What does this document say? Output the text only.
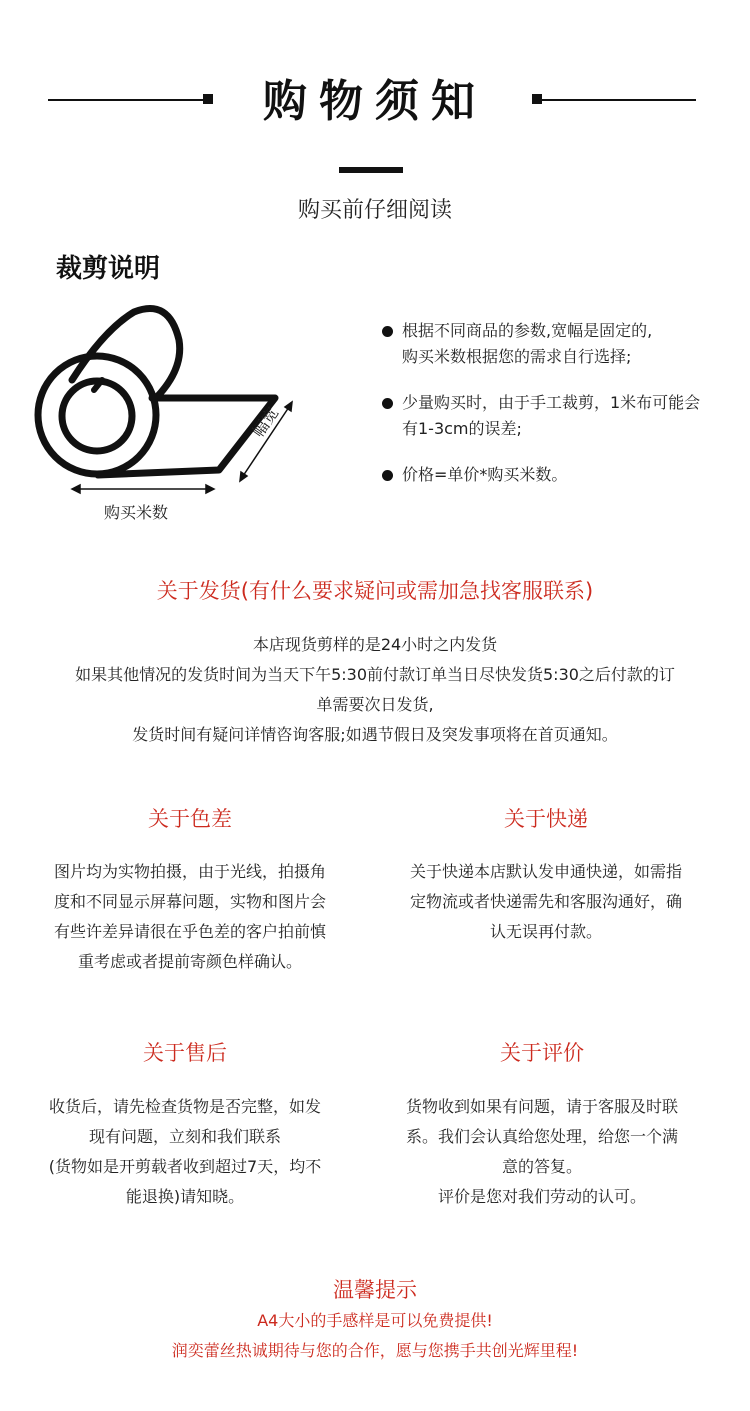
购物须知
购买前仔细阅读
裁剪说明
幅宽
购买米数
根据不同商品的参数,宽幅是固定的,
购买米数根据您的需求自行选择;
少量购买时，由于手工裁剪，1米布可能会
有1-3cm的误差;
价格=单价*购买米数。
关于发货(有什么要求疑问或需加急找客服联系)
本店现货剪样的是24小时之内发货
如果其他情况的发货时间为当天下午5:30前付款订单当日尽快发货5:30之后付款的订
单需要次日发货,
发货时间有疑问详情咨询客服;如遇节假日及突发事项将在首页通知。
关于色差
图片均为实物拍摄，由于光线，拍摄角
度和不同显示屏幕问题，实物和图片会
有些许差异请很在乎色差的客户拍前慎
重考虑或者提前寄颜色样确认。
关于快递
关于快递本店默认发申通快递，如需指
定物流或者快递需先和客服沟通好，确
认无误再付款。
关于售后
收货后，请先检查货物是否完整，如发
现有问题，立刻和我们联系
(货物如是开剪载者收到超过7天，均不
能退换)请知晓。
关于评价
货物收到如果有问题，请于客服及时联
系。我们会认真给您处理，给您一个满
意的答复。
评价是您对我们劳动的认可。
温馨提示
A4大小的手感样是可以免费提供!
润奕蕾丝热诚期待与您的合作，愿与您携手共创光辉里程!
